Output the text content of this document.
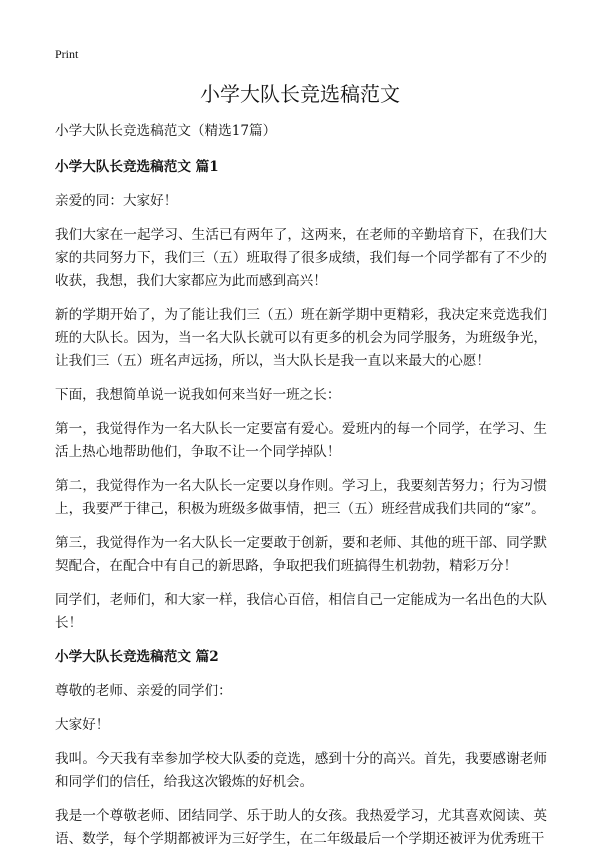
Print
小学大队长竞选稿范文

小学大队长竞选稿范文（精选17篇）

小学大队长竞选稿范文 篇1

亲爱的同：大家好！

我们大家在一起学习、生活已有两年了，这两来，在老师的辛勤培育下，在我们大家的共同努力下，我们三（五）班取得了很多成绩，我们每一个同学都有了不少的收获，我想，我们大家都应为此而感到高兴！

新的学期开始了，为了能让我们三（五）班在新学期中更精彩，我决定来竞选我们班的大队长。因为，当一名大队长就可以有更多的机会为同学服务，为班级争光，让我们三（五）班名声远扬，所以，当大队长是我一直以来最大的心愿！

下面，我想简单说一说我如何来当好一班之长：

第一，我觉得作为一名大队长一定要富有爱心。爱班内的每一个同学，在学习、生活上热心地帮助他们，争取不让一个同学掉队！

第二，我觉得作为一名大队长一定要以身作则。学习上，我要刻苦努力；行为习惯上，我要严于律己，积极为班级多做事情，把三（五）班经营成我们共同的“家”。

第三，我觉得作为一名大队长一定要敢于创新，要和老师、其他的班干部、同学默契配合，在配合中有自己的新思路，争取把我们班搞得生机勃勃，精彩万分！

同学们，老师们，和大家一样，我信心百倍，相信自己一定能成为一名出色的大队长！

小学大队长竞选稿范文 篇2

尊敬的老师、亲爱的同学们：

大家好！

我叫。今天我有幸参加学校大队委的竞选，感到十分的高兴。首先，我要感谢老师和同学们的信任，给我这次锻炼的好机会。

我是一个尊敬老师、团结同学、乐于助人的女孩。我热爱学习，尤其喜欢阅读、英语、数学，每个学期都被评为三好学生，在二年级最后一个学期还被评为优秀班干
